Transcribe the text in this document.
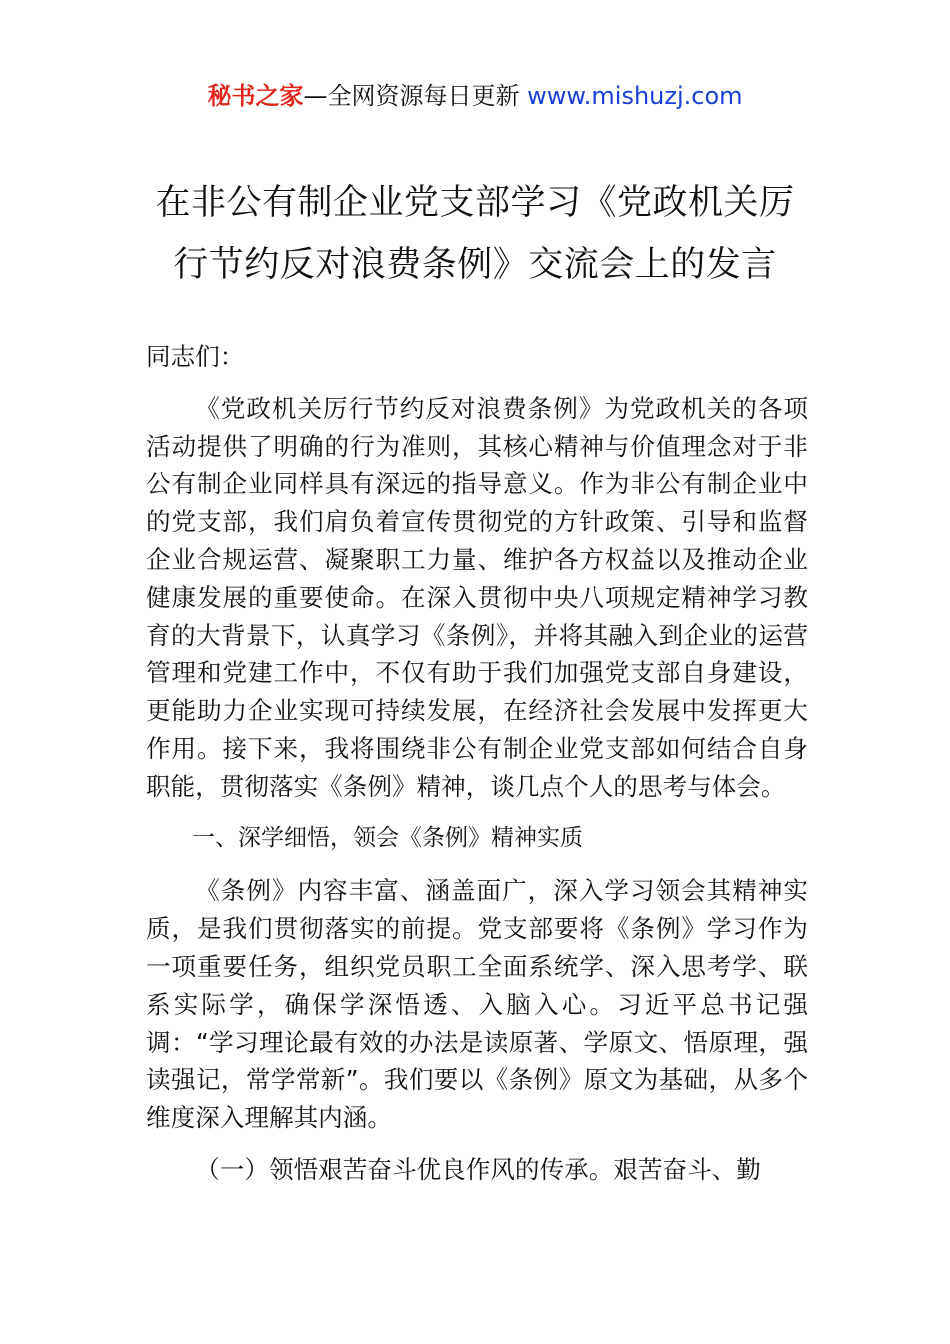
秘书之家—全网资源每日更新 www.mishuzj.com
在非公有制企业党支部学习《党政机关厉
行节约反对浪费条例》交流会上的发言

同志们：

《党政机关厉行节约反对浪费条例》为党政机关的各项活动提供了明确的行为准则，其核心精神与价值理念对于非公有制企业同样具有深远的指导意义。作为非公有制企业中的党支部，我们肩负着宣传贯彻党的方针政策、引导和监督企业合规运营、凝聚职工力量、维护各方权益以及推动企业健康发展的重要使命。在深入贯彻中央八项规定精神学习教育的大背景下，认真学习《条例》，并将其融入到企业的运营管理和党建工作中，不仅有助于我们加强党支部自身建设，更能助力企业实现可持续发展，在经济社会发展中发挥更大作用。接下来，我将围绕非公有制企业党支部如何结合自身职能，贯彻落实《条例》精神，谈几点个人的思考与体会。

一、深学细悟，领会《条例》精神实质

《条例》内容丰富、涵盖面广，深入学习领会其精神实质，是我们贯彻落实的前提。党支部要将《条例》学习作为一项重要任务，组织党员职工全面系统学、深入思考学、联系实际学，确保学深悟透、入脑入心。习近平总书记强调：“学习理论最有效的办法是读原著、学原文、悟原理，强读强记，常学常新”。我们要以《条例》原文为基础，从多个维度深入理解其内涵。

（一）领悟艰苦奋斗优良作风的传承。艰苦奋斗、勤
